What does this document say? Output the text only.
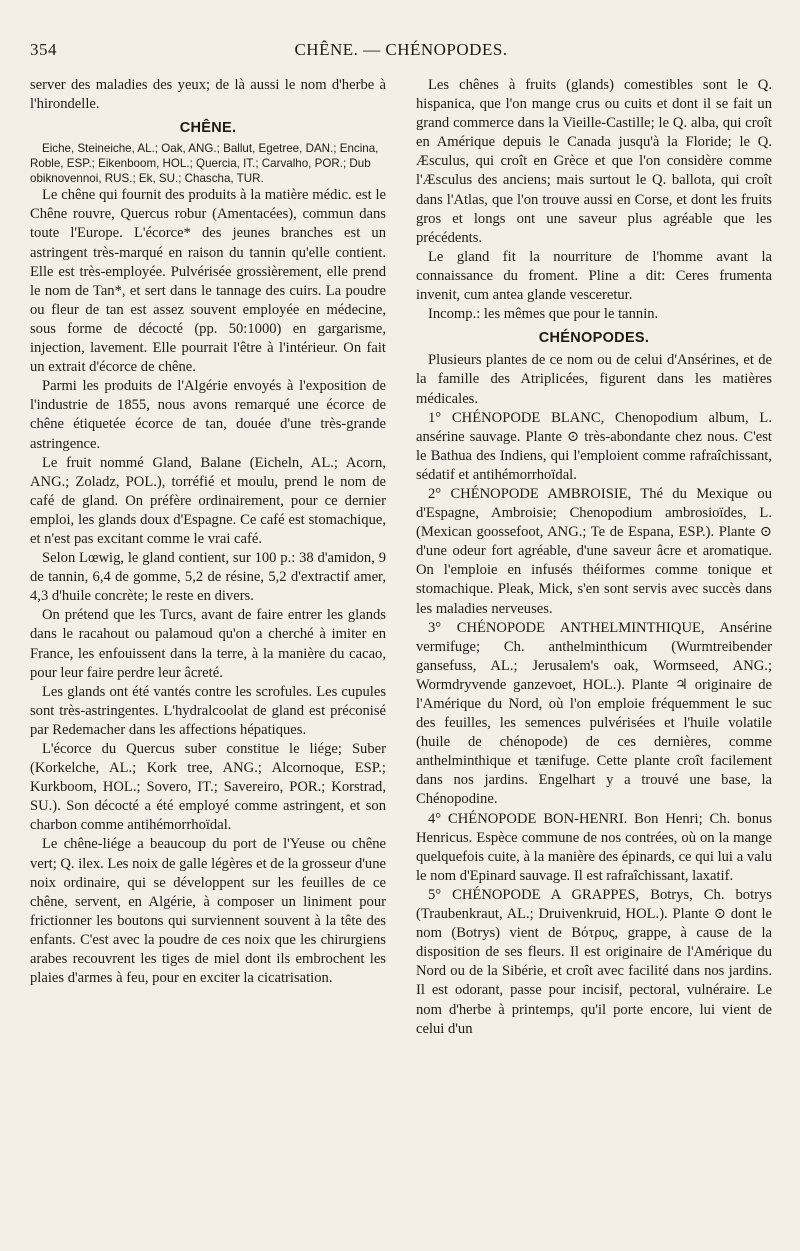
354	CHÊNE. — CHÉNOPODES.

server des maladies des yeux; de là aussi le nom d'herbe à l'hirondelle.

CHÊNE.

Eiche, Steineiche, AL.; Oak, ANG.; Ballut, Egetree, DAN.; Encina, Roble, ESP.; Eikenboom, HOL.; Quercia, IT.; Carvalho, POR.; Dub obiknovennoi, RUS.; Ek, SU.; Chascha, TUR.

Le chêne qui fournit des produits à la matière médic. est le Chêne rouvre, Quercus robur (Amentacées), commun dans toute l'Europe. L'écorce* des jeunes branches est un astringent très-marqué en raison du tannin qu'elle contient. Elle est très-employée. Pulvérisée grossièrement, elle prend le nom de Tan*, et sert dans le tannage des cuirs. La poudre ou fleur de tan est assez souvent employée en médecine, sous forme de décocté (pp. 50:1000) en gargarisme, injection, lavement. Elle pourrait l'être à l'intérieur. On fait un extrait d'écorce de chêne.

Parmi les produits de l'Algérie envoyés à l'exposition de l'industrie de 1855, nous avons remarqué une écorce de chêne étiquetée écorce de tan, douée d'une très-grande astringence.

Le fruit nommé Gland, Balane (Eicheln, AL.; Acorn, ANG.; Zoladz, POL.), torréfié et moulu, prend le nom de café de gland. On préfère ordinairement, pour ce dernier emploi, les glands doux d'Espagne. Ce café est stomachique, et n'est pas excitant comme le vrai café.

Selon Lœwig, le gland contient, sur 100 p.: 38 d'amidon, 9 de tannin, 6,4 de gomme, 5,2 de résine, 5,2 d'extractif amer, 4,3 d'huile concrète; le reste en divers.

On prétend que les Turcs, avant de faire entrer les glands dans le racahout ou palamoud qu'on a cherché à imiter en France, les enfouissent dans la terre, à la manière du cacao, pour leur faire perdre leur âcreté.

Les glands ont été vantés contre les scrofules. Les cupules sont très-astringentes. L'hydralcoolat de gland est préconisé par Redemacher dans les affections hépatiques.

L'écorce du Quercus suber constitue le liége; Suber (Korkelche, AL.; Kork tree, ANG.; Alcornoque, ESP.; Kurkboom, HOL.; Sovero, IT.; Savereiro, POR.; Korstrad, SU.). Son décocté a été employé comme astringent, et son charbon comme antihémorrhoïdal.

Le chêne-liége a beaucoup du port de l'Yeuse ou chêne vert; Q. ilex. Les noix de galle légères et de la grosseur d'une noix ordinaire, qui se développent sur les feuilles de ce chêne, servent, en Algérie, à composer un liniment pour frictionner les boutons qui surviennent souvent à la tête des enfants. C'est avec la poudre de ces noix que les chirurgiens arabes recouvrent les tiges de miel dont ils embrochent les plaies d'armes à feu, pour en exciter la cicatrisation.

Les chênes à fruits (glands) comestibles sont le Q. hispanica, que l'on mange crus ou cuits et dont il se fait un grand commerce dans la Vieille-Castille; le Q. alba, qui croît en Amérique depuis le Canada jusqu'à la Floride; le Q. Æsculus, qui croît en Grèce et que l'on considère comme l'Æsculus des anciens; mais surtout le Q. ballota, qui croît dans l'Atlas, que l'on trouve aussi en Corse, et dont les fruits gros et longs ont une saveur plus agréable que les précédents.

Le gland fit la nourriture de l'homme avant la connaissance du froment. Pline a dit: Ceres frumenta invenit, cum antea glande vesceretur.

Incomp.: les mêmes que pour le tannin.

CHÉNOPODES.

Plusieurs plantes de ce nom ou de celui d'Ansérines, et de la famille des Atriplicées, figurent dans les matières médicales.

1° CHÉNOPODE BLANC, Chenopodium album, L. ansérine sauvage. Plante ⊙ très-abondante chez nous. C'est le Bathua des Indiens, qui l'emploient comme rafraîchissant, sédatif et antihémorrhoïdal.

2° CHÉNOPODE AMBROISIE, Thé du Mexique ou d'Espagne, Ambroisie; Chenopodium ambrosioïdes, L. (Mexican goossefoot, ANG.; Te de Espana, ESP.). Plante ⊙ d'une odeur fort agréable, d'une saveur âcre et aromatique. On l'emploie en infusés théiformes comme tonique et stomachique. Pleak, Mick, s'en sont servis avec succès dans les maladies nerveuses.

3° CHÉNOPODE ANTHELMINTHIQUE, Ansérine vermifuge; Ch. anthelminthicum (Wurmtreibender gansefuss, AL.; Jerusalem's oak, Wormseed, ANG.; Wormdryvende ganzevoet, HOL.). Plante ♃ originaire de l'Amérique du Nord, où l'on emploie fréquemment le suc des feuilles, les semences pulvérisées et l'huile volatile (huile de chénopode) de ces dernières, comme anthelminthique et tænifuge. Cette plante croît facilement dans nos jardins. Engelhart y a trouvé une base, la Chénopodine.

4° CHÉNOPODE BON-HENRI. Bon Henri; Ch. bonus Henricus. Espèce commune de nos contrées, où on la mange quelquefois cuite, à la manière des épinards, ce qui lui a valu le nom d'Epinard sauvage. Il est rafraîchissant, laxatif.

5° CHÉNOPODE A GRAPPES, Botrys, Ch. botrys (Traubenkraut, AL.; Druivenkruid, HOL.). Plante ⊙ dont le nom (Botrys) vient de Βότρυς, grappe, à cause de la disposition de ses fleurs. Il est originaire de l'Amérique du Nord ou de la Sibérie, et croît avec facilité dans nos jardins. Il est odorant, passe pour incisif, pectoral, vulnéraire. Le nom d'herbe à printemps, qu'il porte encore, lui vient de celui d'un
